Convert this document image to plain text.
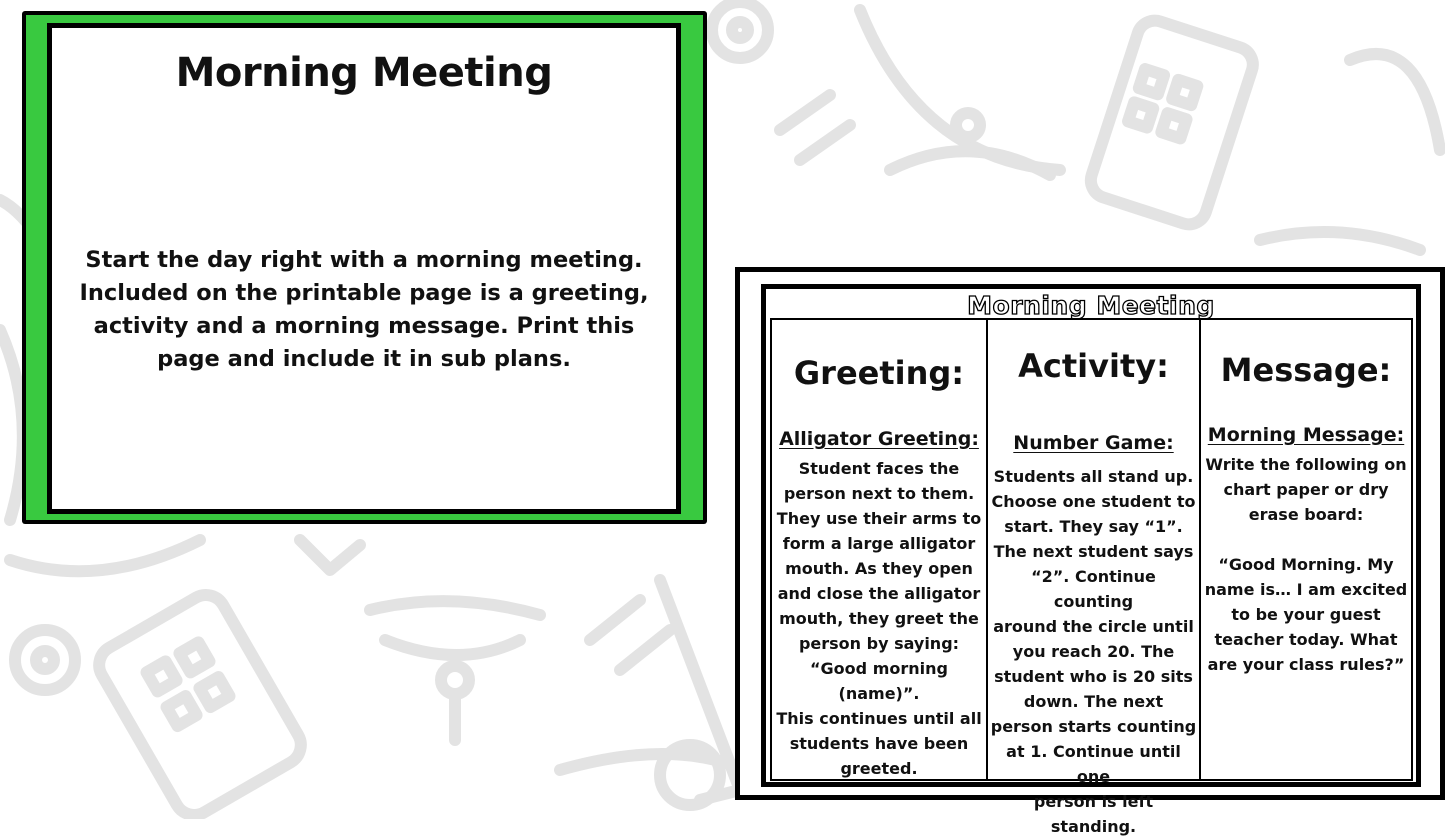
Morning Meeting
Start the day right with a morning meeting. Included on the printable page is a greeting, activity and a morning message. Print this page and include it in sub plans.
Morning Meeting
Greeting:
Alligator Greeting:
Student faces the
person next to them.
They use their arms to
form a large alligator
mouth. As they open
and close the alligator
mouth, they greet the
person by saying:
“Good morning (name)”.
This continues until all
students have been
greeted.
Activity:
Number Game:
Students all stand up.
Choose one student to
start. They say “1”.
The next student says
“2”. Continue counting
around the circle until
you reach 20. The
student who is 20 sits
down. The next
person starts counting
at 1. Continue until one
person is left standing.
Message:
Morning Message:
Write the following on
chart paper or dry
erase board:

“Good Morning. My
name is… I am excited
to be your guest
teacher today. What
are your class rules?”
